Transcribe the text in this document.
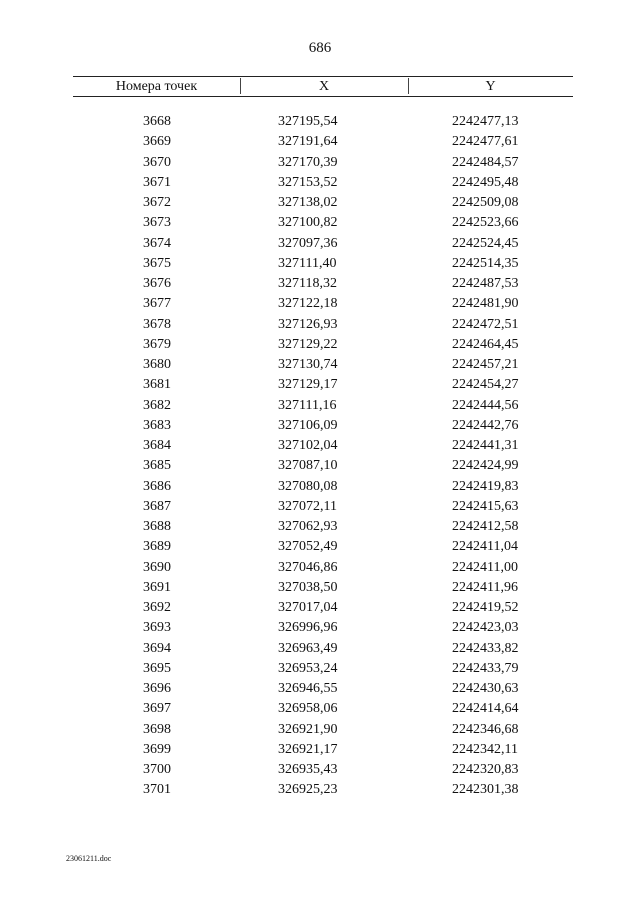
686
Номера точек	X	Y
3668	327195,54	2242477,13
3669	327191,64	2242477,61
3670	327170,39	2242484,57
3671	327153,52	2242495,48
3672	327138,02	2242509,08
3673	327100,82	2242523,66
3674	327097,36	2242524,45
3675	327111,40	2242514,35
3676	327118,32	2242487,53
3677	327122,18	2242481,90
3678	327126,93	2242472,51
3679	327129,22	2242464,45
3680	327130,74	2242457,21
3681	327129,17	2242454,27
3682	327111,16	2242444,56
3683	327106,09	2242442,76
3684	327102,04	2242441,31
3685	327087,10	2242424,99
3686	327080,08	2242419,83
3687	327072,11	2242415,63
3688	327062,93	2242412,58
3689	327052,49	2242411,04
3690	327046,86	2242411,00
3691	327038,50	2242411,96
3692	327017,04	2242419,52
3693	326996,96	2242423,03
3694	326963,49	2242433,82
3695	326953,24	2242433,79
3696	326946,55	2242430,63
3697	326958,06	2242414,64
3698	326921,90	2242346,68
3699	326921,17	2242342,11
3700	326935,43	2242320,83
3701	326925,23	2242301,38
23061211.doc
